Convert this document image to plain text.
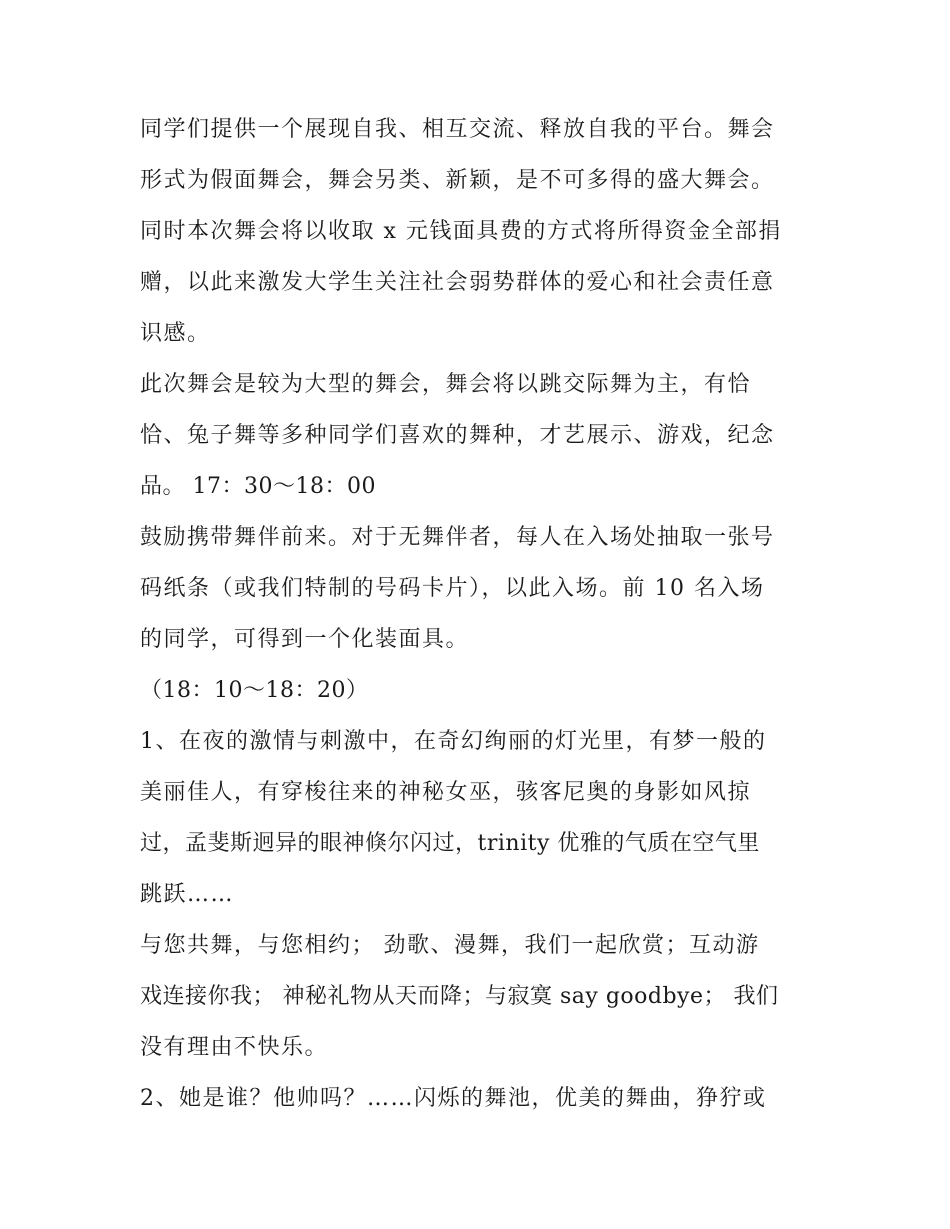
同学们提供一个展现自我、相互交流、释放自我的平台。舞会
形式为假面舞会，舞会另类、新颖，是不可多得的盛大舞会。
同时本次舞会将以收取 x 元钱面具费的方式将所得资金全部捐
赠，以此来激发大学生关注社会弱势群体的爱心和社会责任意
识感。
此次舞会是较为大型的舞会，舞会将以跳交际舞为主，有恰
恰、兔子舞等多种同学们喜欢的舞种，才艺展示、游戏，纪念
品。 17：30～18：00
鼓励携带舞伴前来。对于无舞伴者，每人在入场处抽取一张号
码纸条（或我们特制的号码卡片），以此入场。前 10 名入场
的同学，可得到一个化装面具。
（18：10～18：20）
1、在夜的激情与刺激中，在奇幻绚丽的灯光里，有梦一般的
美丽佳人，有穿梭往来的神秘女巫，骇客尼奥的身影如风掠
过，孟斐斯迥异的眼神倏尔闪过，trinity 优雅的气质在空气里
跳跃……
与您共舞，与您相约； 劲歌、漫舞，我们一起欣赏；互动游
戏连接你我； 神秘礼物从天而降；与寂寞 say goodbye； 我们
没有理由不快乐。
2、她是谁？他帅吗？……闪烁的舞池，优美的舞曲，狰狞或
